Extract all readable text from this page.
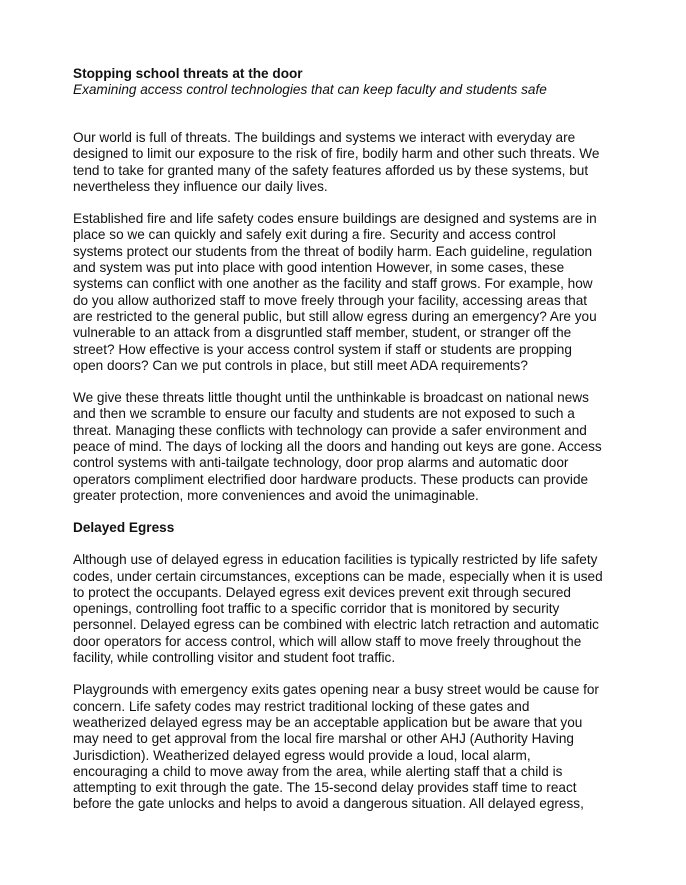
Stopping school threats at the door

Examining access control technologies that can keep faculty and students safe

Our world is full of threats. The buildings and systems we interact with everyday are
designed to limit our exposure to the risk of fire, bodily harm and other such threats. We
tend to take for granted many of the safety features afforded us by these systems, but
nevertheless they influence our daily lives.

Established fire and life safety codes ensure buildings are designed and systems are in
place so we can quickly and safely exit during a fire. Security and access control
systems protect our students from the threat of bodily harm. Each guideline, regulation
and system was put into place with good intention However, in some cases, these
systems can conflict with one another as the facility and staff grows. For example, how
do you allow authorized staff to move freely through your facility, accessing areas that
are restricted to the general public, but still allow egress during an emergency? Are you
vulnerable to an attack from a disgruntled staff member, student, or stranger off the
street? How effective is your access control system if staff or students are propping
open doors? Can we put controls in place, but still meet ADA requirements?

We give these threats little thought until the unthinkable is broadcast on national news
and then we scramble to ensure our faculty and students are not exposed to such a
threat. Managing these conflicts with technology can provide a safer environment and
peace of mind. The days of locking all the doors and handing out keys are gone. Access
control systems with anti-tailgate technology, door prop alarms and automatic door
operators compliment electrified door hardware products. These products can provide
greater protection, more conveniences and avoid the unimaginable.

Delayed Egress

Although use of delayed egress in education facilities is typically restricted by life safety
codes, under certain circumstances, exceptions can be made, especially when it is used
to protect the occupants. Delayed egress exit devices prevent exit through secured
openings, controlling foot traffic to a specific corridor that is monitored by security
personnel. Delayed egress can be combined with electric latch retraction and automatic
door operators for access control, which will allow staff to move freely throughout the
facility, while controlling visitor and student foot traffic.

Playgrounds with emergency exits gates opening near a busy street would be cause for
concern. Life safety codes may restrict traditional locking of these gates and
weatherized delayed egress may be an acceptable application but be aware that you
may need to get approval from the local fire marshal or other AHJ (Authority Having
Jurisdiction). Weatherized delayed egress would provide a loud, local alarm,
encouraging a child to move away from the area, while alerting staff that a child is
attempting to exit through the gate. The 15-second delay provides staff time to react
before the gate unlocks and helps to avoid a dangerous situation. All delayed egress,
